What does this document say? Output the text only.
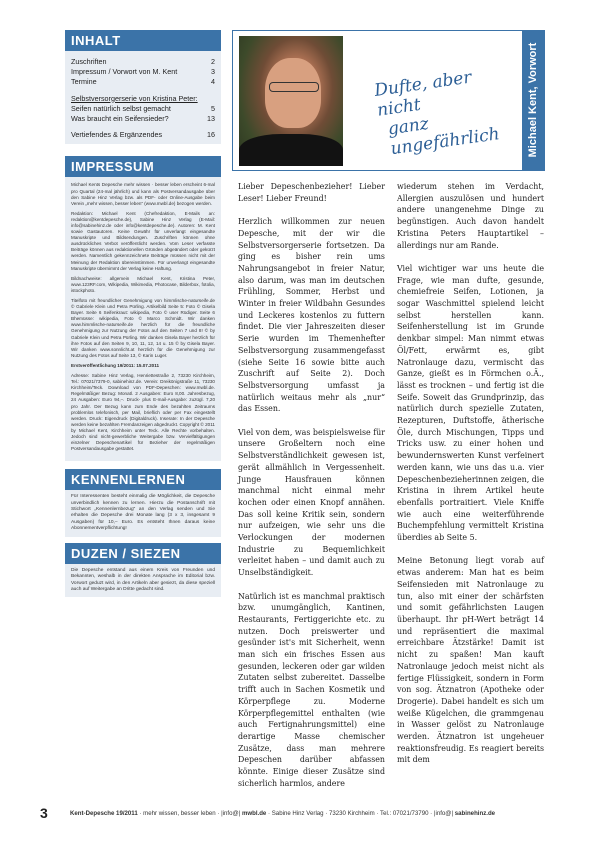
INHALT
Zuschriften	2
Impressum / Vorwort von M. Kent	3
Termine	4
Selbstversorgerserie von Kristina Peter:
Seifen natürlich selbst gemacht	5
Was braucht ein Seifensieder?	13
Vertiefendes & Ergänzendes	16
IMPRESSUM

Michael Kents Depesche mehr wissen · besser leben erscheint 6-mal pro Quartal (24-mal jährlich) und kann als Postversandausgabe über den Sabine Hinz Verlag bzw. als PDF- oder Online-Ausgabe beim Verein „mehr wissen, besser leben“ (www.mwbl.de) bezogen werden.

Redaktion: Michael Kent (Chefredaktion, E-Mails an: redaktion@kentdepesche.de), Sabine Hinz Verlag (E-Mail: info@sabinehinz.de oder info@kentdepesche.de). Autoren: M. Kent sowie Gastautoren. Keine Gewähr für unverlangt eingesandte Manuskripte und Bildsendungen. Zuschriften können ohne ausdrückliches Verbot veröffentlicht werden. Vom Leser verfasste Beiträge können aus redaktionellen Gründen abgeändert oder gekürzt werden. Namentlich gekennzeichnete Beiträge müssen nicht mit der Meinung der Redaktion übereinstimmen. Für unverlangt eingesandte Manuskripte übernimmt der Verlag keine Haftung.

Bildnachweise: allgemein Michael Kent, Kristina Peter, www.123RF.com, Wikipedia, Wikimedia, Photocase, Bilderbox, fotolia, istockphoto.

Titelfoto mit freundlicher Genehmigung von himmlische-naturseife.de © Gabriele Klein und Petra Pürling. Artikelbild Seite 5: Foto © Gisela Bayer. Seite 6 Seifenkraut: wikipedia, Foto © user Rüdiger. Seite 6 Bhemüsse: wikipedia, Foto © Marco Schmidt. Wir danken www.himmlische-naturseife.de herzlich für die freundliche Genehmigung zur Nutzung der Fotos auf den Seiten 7 und 8! © by Gabriele Klein und Petra Pürling. Wir danken Gisela Bayer herzlich für ihre Fotos auf den Seiten 9, 10, 11, 12, 14 u. 15 © by Gisela Bayer. Wir danken www.sonnlicht.at herzlich für die Genehmigung zur Nutzung des Fotos auf Seite 13, © Karin Luger.

Erstveröffentlichung 19/2011: 15.07.2011

Adresse: Sabine Hinz Verlag, Henriettestraße 2, 73230 Kirchheim, Tel.: 07021/7379-0, sabinehinz.de. Verein: Dreikönigstraße 11, 73230 Kirchheim/Teck. Download von PDF-Depeschen: www.mwbl.de. Regelmäßiger Bezug: Monatl. 2 Ausgaben: Euro 8,00. Jahresbezug, 24 Ausgaben: Euro 94,–. Druck- plus E-mail-Ausgabe: zuzügl. 7,20 pro Jahr. Der Bezug kann zum Ende des bezahlten Zeitraums problemlos telefonisch, per Mail, brieflich oder per Fax eingestellt werden. Druck: Eigendruck (Digitaldruck). Inserate: In der Depesche werden keine bezahlten Fremdanzeigen abgedruckt. Copyright © 2011 by Michael Kent, Kirchheim unter Teck. Alle Rechte vorbehalten. Jedoch sind nicht-gewerbliche Weitergabe bzw. Vervielfältigungen einzelner Depeschenartikel für Bezieher der regelmäßigen Postversandausgabe gestattet.

KENNENLERNEN
Für Interessenten besteht einmalig die Möglichkeit, die Depesche unverbindlich kennen zu lernen. Hierzu die Postanschrift mit Stichwort „Kennenlernbezug“ an den Verlag senden und Sie erhalten die Depesche drei Monate lang (3 x 3, insgesamt 9 Ausgaben) für 10,– Euro. Es entsteht Ihnen daraus keine Abonnementverpflichtung!
DUZEN / SIEZEN
Die Depesche entstand aus einem Kreis von Freunden und Bekannten, weshalb in der direkten Ansprache im Editorial bzw. Vorwort geduzt wird, in den Artikeln aber gesiezt, da diese speziell auch auf Weitergabe an Dritte gedacht sind.
Dufte, aber nicht
ganz ungefährlich	Michael Kent, Vorwort

Lieber Depeschenbezieher! Lieber Leser! Lieber Freund!

Herzlich willkommen zur neuen Depesche, mit der wir die Selbstversorgerserie fortsetzen. Da ging es bisher rein ums Nahrungsangebot in freier Natur, also darum, was man im deutschen Frühling, Sommer, Herbst und Winter in freier Wildbahn Gesundes und Leckeres kostenlos zu futtern findet. Die vier Jahreszeiten dieser Serie wurden im Themenhefter Selbstversorgung zusammengefasst (siehe Seite 16 sowie bitte auch Zuschrift auf Seite 2). Doch Selbstversorgung umfasst ja natürlich weitaus mehr als „nur“ das Essen.

Viel von dem, was beispielsweise für unsere Großeltern noch eine Selbstverständlichkeit gewesen ist, gerät allmählich in Vergessenheit. Junge Hausfrauen können manchmal nicht einmal mehr kochen oder einen Knopf annähen. Das soll keine Kritik sein, sondern nur aufzeigen, wie sehr uns die Verlockungen der modernen Industrie zu Bequemlichkeit verleitet haben – und damit auch zu Unselbständigkeit.

Natürlich ist es manchmal praktisch bzw. unumgänglich, Kantinen, Restaurants, Fertiggerichte etc. zu nutzen. Doch preiswerter und gesünder ist's mit Sicherheit, wenn man sich ein frisches Essen aus gesunden, leckeren oder gar wilden Zutaten selbst zubereitet. Dasselbe trifft auch in Sachen Kosmetik und Körperpflege zu. Moderne Körperpflegemittel enthalten (wie auch Fertignahrungsmittel) eine derartige Masse chemischer Zusätze, dass man mehrere Depeschen darüber abfassen könnte. Einige dieser Zusätze sind sicherlich harmlos, andere

wiederum stehen im Verdacht, Allergien auszulösen und hundert andere unangenehme Dinge zu begünstigen. Auch davon handelt Kristina Peters Hauptartikel – allerdings nur am Rande.

Viel wichtiger war uns heute die Frage, wie man dufte, gesunde, chemiefreie Seifen, Lotionen, ja sogar Waschmittel spielend leicht selbst herstellen kann. Seifenherstellung ist im Grunde denkbar simpel: Man nimmt etwas Öl/Fett, erwärmt es, gibt Natronlauge dazu, vermischt das Ganze, gießt es in Förmchen o.Ä., lässt es trocknen – und fertig ist die Seife. Soweit das Grundprinzip, das natürlich durch spezielle Zutaten, Rezepturen, Duftstoffe, ätherische Öle, durch Mischungen, Tipps und Tricks usw. zu einer hohen und bewundernswerten Kunst verfeinert werden kann, wie uns das u.a. vier Depeschenbezieherinnen zeigen, die Kristina in ihrem Artikel heute ebenfalls portraitiert. Viele Kniffe wie auch eine weiterführende Buchempfehlung vermittelt Kristina überdies ab Seite 5.

Meine Betonung liegt vorab auf etwas anderem: Man hat es beim Seifensieden mit Natronlauge zu tun, also mit einer der schärfsten und somit gefährlichsten Laugen überhaupt. Ihr pH-Wert beträgt 14 und repräsentiert die maximal erreichbare Ätzstärke! Damit ist nicht zu spaßen! Man kauft Natronlauge jedoch meist nicht als fertige Flüssigkeit, sondern in Form von sog. Ätznatron (Apotheke oder Drogerie). Dabei handelt es sich um weiße Kügelchen, die grammgenau in Wasser gelöst zu Natronlauge werden. Ätznatron ist ungeheuer reaktionsfreudig. Es reagiert bereits mit dem

3	Kent-Depesche 19/2011 · mehr wissen, besser leben · |info@| mwbl.de · Sabine Hinz Verlag · 73230 Kirchheim · Tel.: 07021/73790 · |info@| sabinehinz.de
